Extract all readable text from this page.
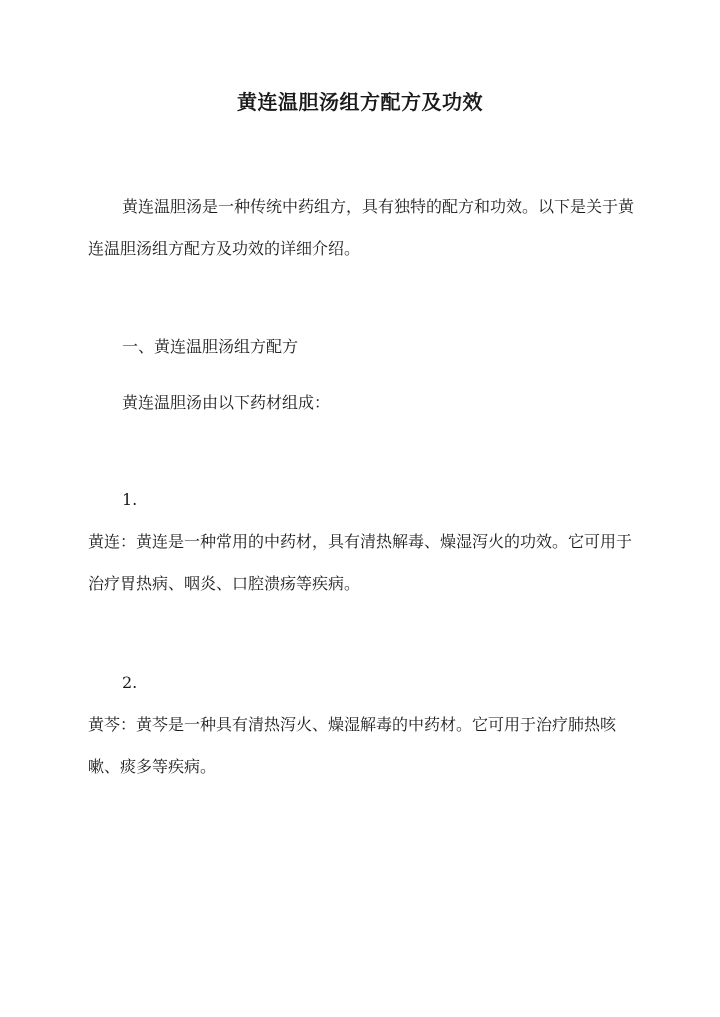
黄连温胆汤组方配方及功效

黄连温胆汤是一种传统中药组方，具有独特的配方和功效。以下是关于黄连温胆汤组方配方及功效的详细介绍。

一、黄连温胆汤组方配方

黄连温胆汤由以下药材组成：

1.

黄连：黄连是一种常用的中药材，具有清热解毒、燥湿泻火的功效。它可用于治疗胃热病、咽炎、口腔溃疡等疾病。

2.

黄芩：黄芩是一种具有清热泻火、燥湿解毒的中药材。它可用于治疗肺热咳嗽、痰多等疾病。
